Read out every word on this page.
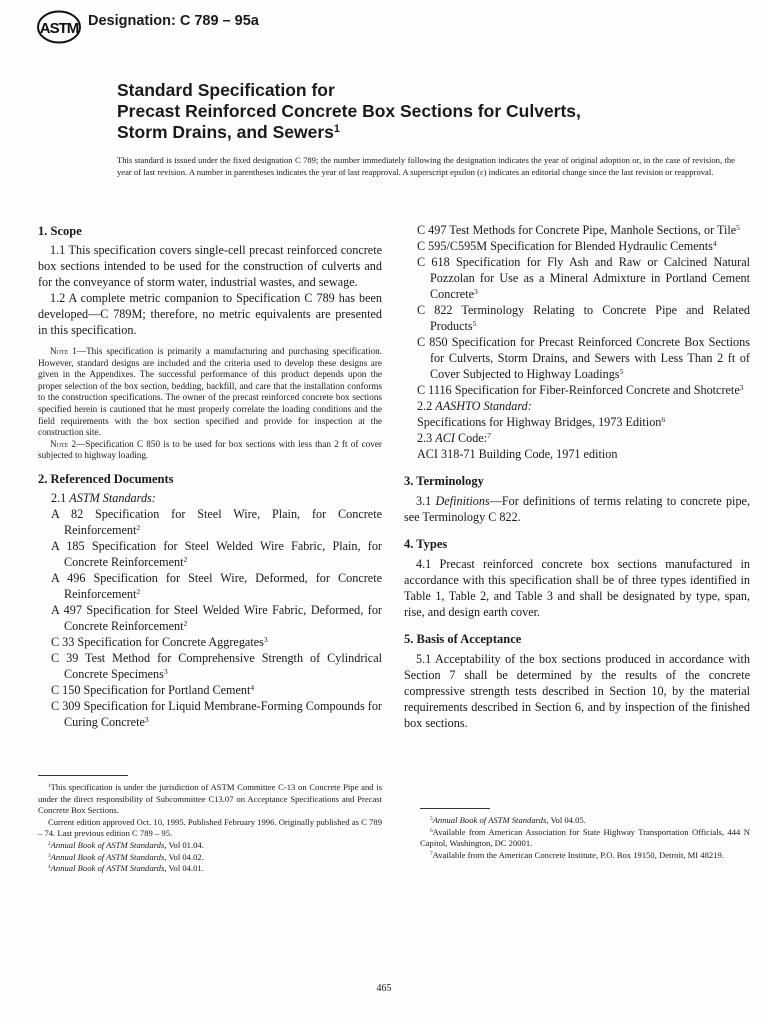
ASTM Designation: C 789 – 95a
Standard Specification for
Precast Reinforced Concrete Box Sections for Culverts,
Storm Drains, and Sewers$^1$
This standard is issued under the fixed designation C 789; the number immediately following the designation indicates the year of original adoption or, in the case of revision, the year of last revision. A number in parentheses indicates the year of last reapproval. A superscript epsilon (ε) indicates an editorial change since the last revision or reapproval.
1. Scope
1.1 This specification covers single-cell precast reinforced concrete box sections intended to be used for the construction of culverts and for the conveyance of storm water, industrial wastes, and sewage.
1.2 A complete metric companion to Specification C 789 has been developed—C 789M; therefore, no metric equivalents are presented in this specification.
Note 1—This specification is primarily a manufacturing and purchasing specification. However, standard designs are included and the criteria used to develop these designs are given in the Appendixes. The successful performance of this product depends upon the proper selection of the box section, bedding, backfill, and care that the installation conforms to the construction specifications. The owner of the precast reinforced concrete box sections specified herein is cautioned that he must properly correlate the loading conditions and the field requirements with the box section specified and provide for inspection at the construction site.
Note 2—Specification C 850 is to be used for box sections with less than 2 ft of cover subjected to highway loading.
2. Referenced Documents
2.1 ASTM Standards:
A 82 Specification for Steel Wire, Plain, for Concrete Reinforcement$^2$
A 185 Specification for Steel Welded Wire Fabric, Plain, for Concrete Reinforcement$^2$
A 496 Specification for Steel Wire, Deformed, for Concrete Reinforcement$^2$
A 497 Specification for Steel Welded Wire Fabric, Deformed, for Concrete Reinforcement$^2$
C 33 Specification for Concrete Aggregates$^3$
C 39 Test Method for Comprehensive Strength of Cylindrical Concrete Specimens$^3$
C 150 Specification for Portland Cement$^4$
C 309 Specification for Liquid Membrane-Forming Compounds for Curing Concrete$^3$
$^1$This specification is under the jurisdiction of ASTM Committee C-13 on Concrete Pipe and is under the direct responsibility of Subcommittee C13.07 on Acceptance Specifications and Precast Concrete Box Sections.
Current edition approved Oct. 10, 1995. Published February 1996. Originally published as C 789 – 74. Last previous edition C 789 – 95.
$^2$Annual Book of ASTM Standards, Vol 01.04.
$^3$Annual Book of ASTM Standards, Vol 04.02.
$^4$Annual Book of ASTM Standards, Vol 04.01.
C 497 Test Methods for Concrete Pipe, Manhole Sections, or Tile$^5$
C 595/C595M Specification for Blended Hydraulic Cements$^4$
C 618 Specification for Fly Ash and Raw or Calcined Natural Pozzolan for Use as a Mineral Admixture in Portland Cement Concrete$^3$
C 822 Terminology Relating to Concrete Pipe and Related Products$^5$
C 850 Specification for Precast Reinforced Concrete Box Sections for Culverts, Storm Drains, and Sewers with Less Than 2 ft of Cover Subjected to Highway Loadings$^5$
C 1116 Specification for Fiber-Reinforced Concrete and Shotcrete$^3$
2.2 AASHTO Standard:
Specifications for Highway Bridges, 1973 Edition$^6$
2.3 ACI Code:$^7$
ACI 318-71 Building Code, 1971 edition
3. Terminology
3.1 Definitions—For definitions of terms relating to concrete pipe, see Terminology C 822.
4. Types
4.1 Precast reinforced concrete box sections manufactured in accordance with this specification shall be of three types identified in Table 1, Table 2, and Table 3 and shall be designated by type, span, rise, and design earth cover.
5. Basis of Acceptance
5.1 Acceptability of the box sections produced in accordance with Section 7 shall be determined by the results of the concrete compressive strength tests described in Section 10, by the material requirements described in Section 6, and by inspection of the finished box sections.
$^5$Annual Book of ASTM Standards, Vol 04.05.
$^6$Available from American Association for State Highway Transportation Officials, 444 N Capitol, Washington, DC 20001.
$^7$Available from the American Concrete Institute, P.O. Box 19150, Detroit, MI 48219.
465
